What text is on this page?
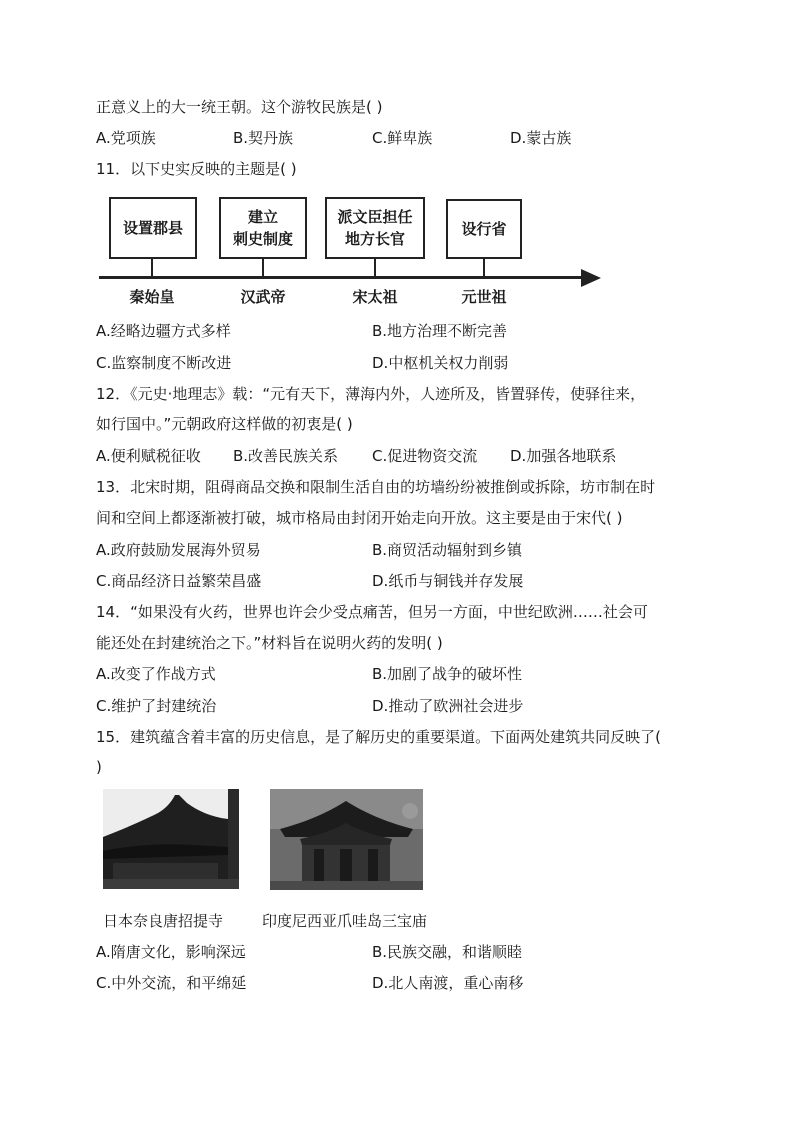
正意义上的大一统王朝。这个游牧民族是( )
A.党项族	B.契丹族	C.鲜卑族	D.蒙古族
11．以下史实反映的主题是( )
设置郡县
建立
刺史制度
派文臣担任
地方长官
设行省
秦始皇	汉武帝	宋太祖	元世祖
A.经略边疆方式多样	B.地方治理不断完善
C.监察制度不断改进	D.中枢机关权力削弱
12．《元史·地理志》载：“元有天下，薄海内外，人迹所及，皆置驿传，使驿往来，
如行国中。”元朝政府这样做的初衷是( )
A.便利赋税征收 B.改善民族关系 C.促进物资交流 D.加强各地联系
13．北宋时期，阻碍商品交换和限制生活自由的坊墙纷纷被推倒或拆除，坊市制在时
间和空间上都逐渐被打破，城市格局由封闭开始走向开放。这主要是由于宋代( )
A.政府鼓励发展海外贸易	B.商贸活动辐射到乡镇
C.商品经济日益繁荣昌盛	D.纸币与铜钱并存发展
14．“如果没有火药，世界也许会少受点痛苦，但另一方面，中世纪欧洲……社会可
能还处在封建统治之下。”材料旨在说明火药的发明( )
A.改变了作战方式	B.加剧了战争的破坏性
C.维护了封建统治	D.推动了欧洲社会进步
15．建筑蕴含着丰富的历史信息，是了解历史的重要渠道。下面两处建筑共同反映了(
)
日本奈良唐招提寺	印度尼西亚爪哇岛三宝庙
A.隋唐文化，影响深远	B.民族交融，和谐顺睦
C.中外交流，和平绵延	D.北人南渡，重心南移
